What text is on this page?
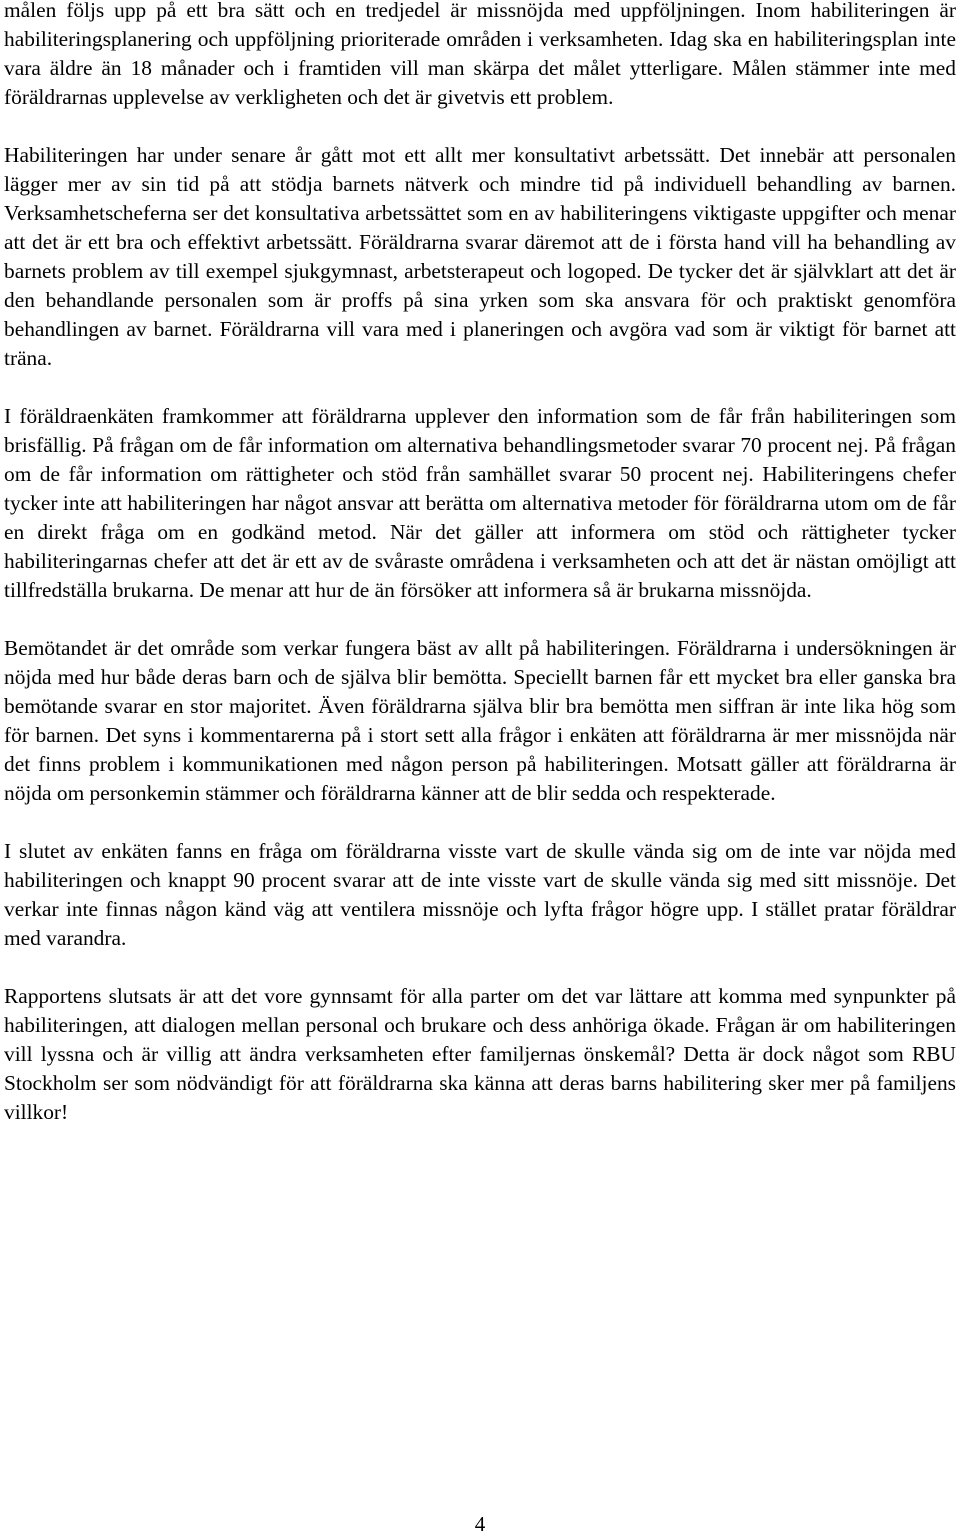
målen följs upp på ett bra sätt och en tredjedel är missnöjda med uppföljningen. Inom habiliteringen är habiliteringsplanering och uppföljning prioriterade områden i verksamheten. Idag ska en habiliteringsplan inte vara äldre än 18 månader och i framtiden vill man skärpa det målet ytterligare. Målen stämmer inte med föräldrarnas upplevelse av verkligheten och det är givetvis ett problem.

Habiliteringen har under senare år gått mot ett allt mer konsultativt arbetssätt. Det innebär att personalen lägger mer av sin tid på att stödja barnets nätverk och mindre tid på individuell behandling av barnen. Verksamhetscheferna ser det konsultativa arbetssättet som en av habiliteringens viktigaste uppgifter och menar att det är ett bra och effektivt arbetssätt. Föräldrarna svarar däremot att de i första hand vill ha behandling av barnets problem av till exempel sjukgymnast, arbetsterapeut och logoped. De tycker det är självklart att det är den behandlande personalen som är proffs på sina yrken som ska ansvara för och praktiskt genomföra behandlingen av barnet. Föräldrarna vill vara med i planeringen och avgöra vad som är viktigt för barnet att träna.

I föräldraenkäten framkommer att föräldrarna upplever den information som de får från habiliteringen som brisfällig. På frågan om de får information om alternativa behandlingsmetoder svarar 70 procent nej. På frågan om de får information om rättigheter och stöd från samhället svarar 50 procent nej. Habiliteringens chefer tycker inte att habiliteringen har något ansvar att berätta om alternativa metoder för föräldrarna utom om de får en direkt fråga om en godkänd metod. När det gäller att informera om stöd och rättigheter tycker habiliteringarnas chefer att det är ett av de svåraste områdena i verksamheten och att det är nästan omöjligt att tillfredställa brukarna. De menar att hur de än försöker att informera så är brukarna missnöjda.

Bemötandet är det område som verkar fungera bäst av allt på habiliteringen. Föräldrarna i undersökningen är nöjda med hur både deras barn och de själva blir bemötta. Speciellt barnen får ett mycket bra eller ganska bra bemötande svarar en stor majoritet. Även föräldrarna själva blir bra bemötta men siffran är inte lika hög som för barnen. Det syns i kommentarerna på i stort sett alla frågor i enkäten att föräldrarna är mer missnöjda när det finns problem i kommunikationen med någon person på habiliteringen. Motsatt gäller att föräldrarna är nöjda om personkemin stämmer och föräldrarna känner att de blir sedda och respekterade.

I slutet av enkäten fanns en fråga om föräldrarna visste vart de skulle vända sig om de inte var nöjda med habiliteringen och knappt 90 procent svarar att de inte visste vart de skulle vända sig med sitt missnöje. Det verkar inte finnas någon känd väg att ventilera missnöje och lyfta frågor högre upp. I stället pratar föräldrar med varandra.

Rapportens slutsats är att det vore gynnsamt för alla parter om det var lättare att komma med synpunkter på habiliteringen, att dialogen mellan personal och brukare och dess anhöriga ökade. Frågan är om habiliteringen vill lyssna och är villig att ändra verksamheten efter familjernas önskemål? Detta är dock något som RBU Stockholm ser som nödvändigt för att föräldrarna ska känna att deras barns habilitering sker mer på familjens villkor!

4
